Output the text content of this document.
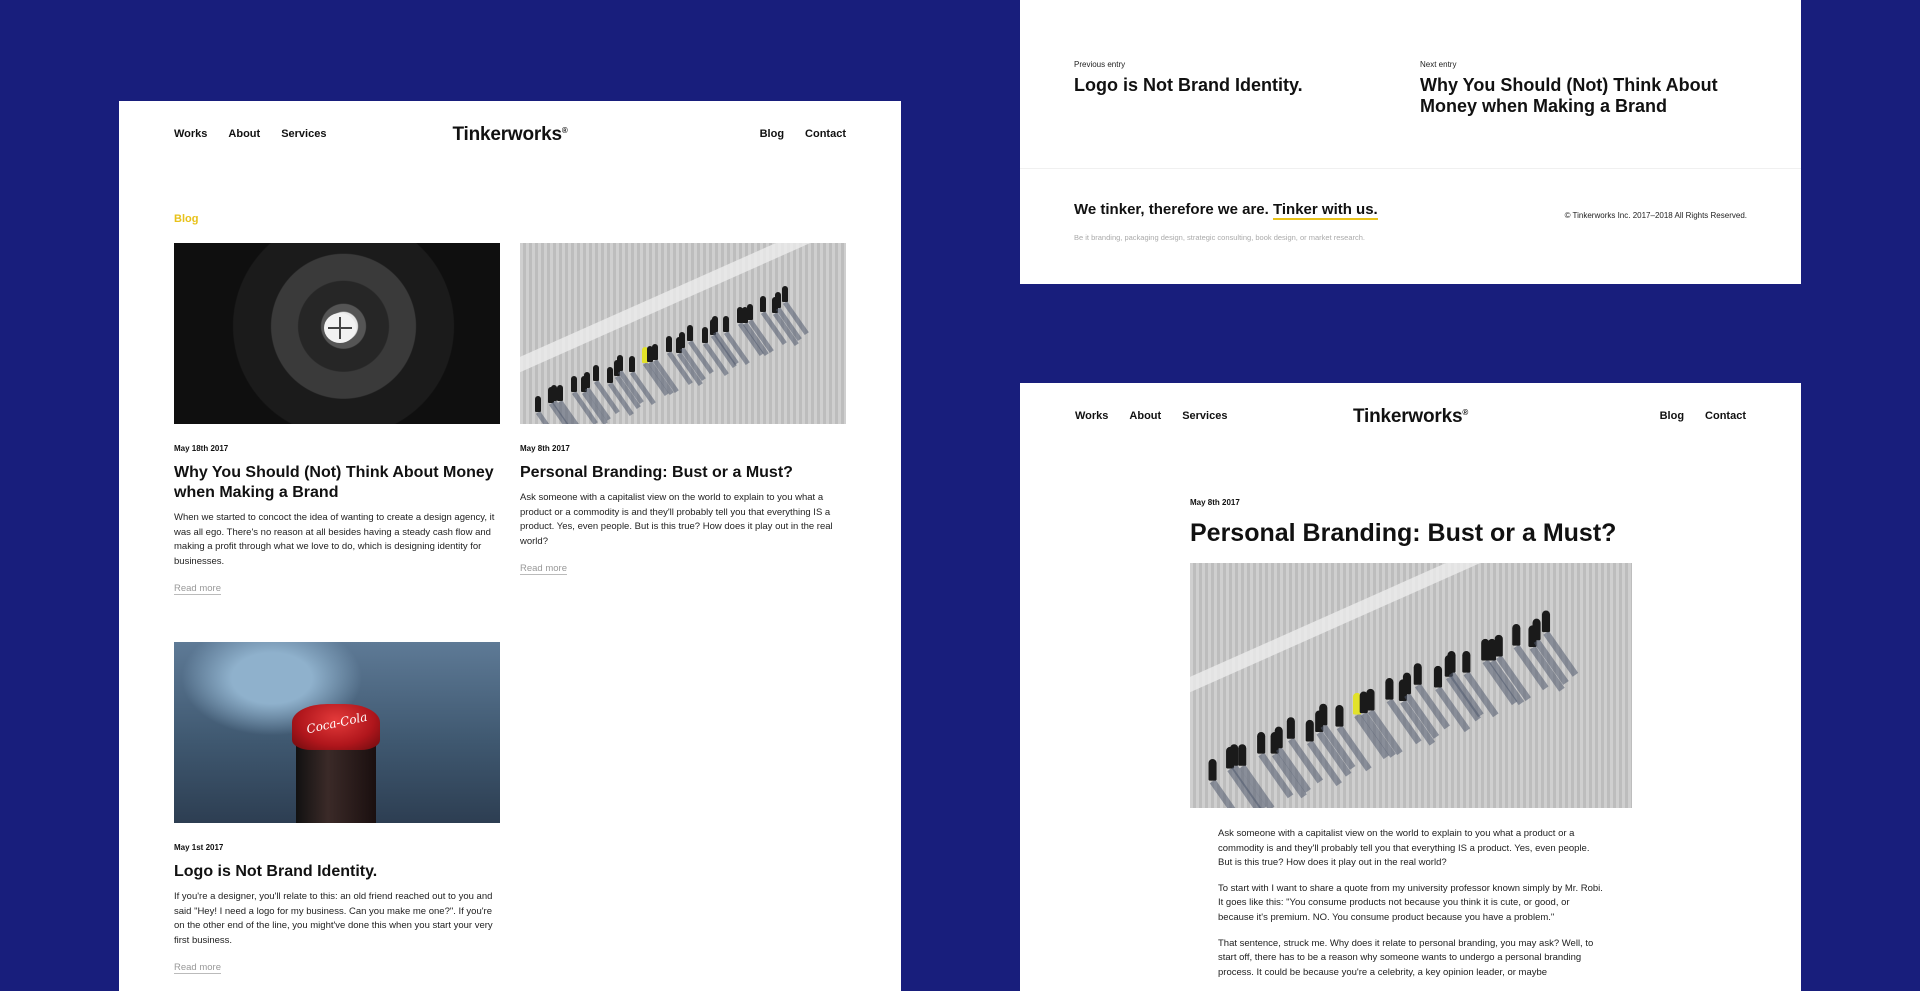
Works About Services	Tinkerworks®	Blog Contact
Blog
May 18th 2017
Why You Should (Not) Think About Money when Making a Brand

When we started to concoct the idea of wanting to create a design agency, it was all ego. There's no reason at all besides having a steady cash flow and making a profit through what we love to do, which is designing identity for businesses.

Read more
May 8th 2017
Personal Branding: Bust or a Must?

Ask someone with a capitalist view on the world to explain to you what a product or a commodity is and they'll probably tell you that everything IS a product. Yes, even people. But is this true? How does it play out in the real world?

Read more
Coca-Cola
May 1st 2017
Logo is Not Brand Identity.

If you're a designer, you'll relate to this: an old friend reached out to you and said "Hey! I need a logo for my business. Can you make me one?". If you're on the other end of the line, you might've done this when you start your very first business.

Read more
Previous entry
Logo is Not Brand Identity.
Next entry
Why You Should (Not) Think About Money when Making a Brand
We tinker, therefore we are. Tinker with us.
Be it branding, packaging design, strategic consulting, book design, or market research.
© Tinkerworks Inc. 2017–2018 All Rights Reserved.
Works About Services	Tinkerworks®	Blog Contact
May 8th 2017
Personal Branding: Bust or a Must?

Ask someone with a capitalist view on the world to explain to you what a product or a commodity is and they'll probably tell you that everything IS a product. Yes, even people. But is this true? How does it play out in the real world?

To start with I want to share a quote from my university professor known simply by Mr. Robi. It goes like this: "You consume products not because you think it is cute, or good, or because it's premium. NO. You consume product because you have a problem."

That sentence, struck me. Why does it relate to personal branding, you may ask? Well, to start off, there has to be a reason why someone wants to undergo a personal branding process. It could be because you're a celebrity, a key opinion leader, or maybe
